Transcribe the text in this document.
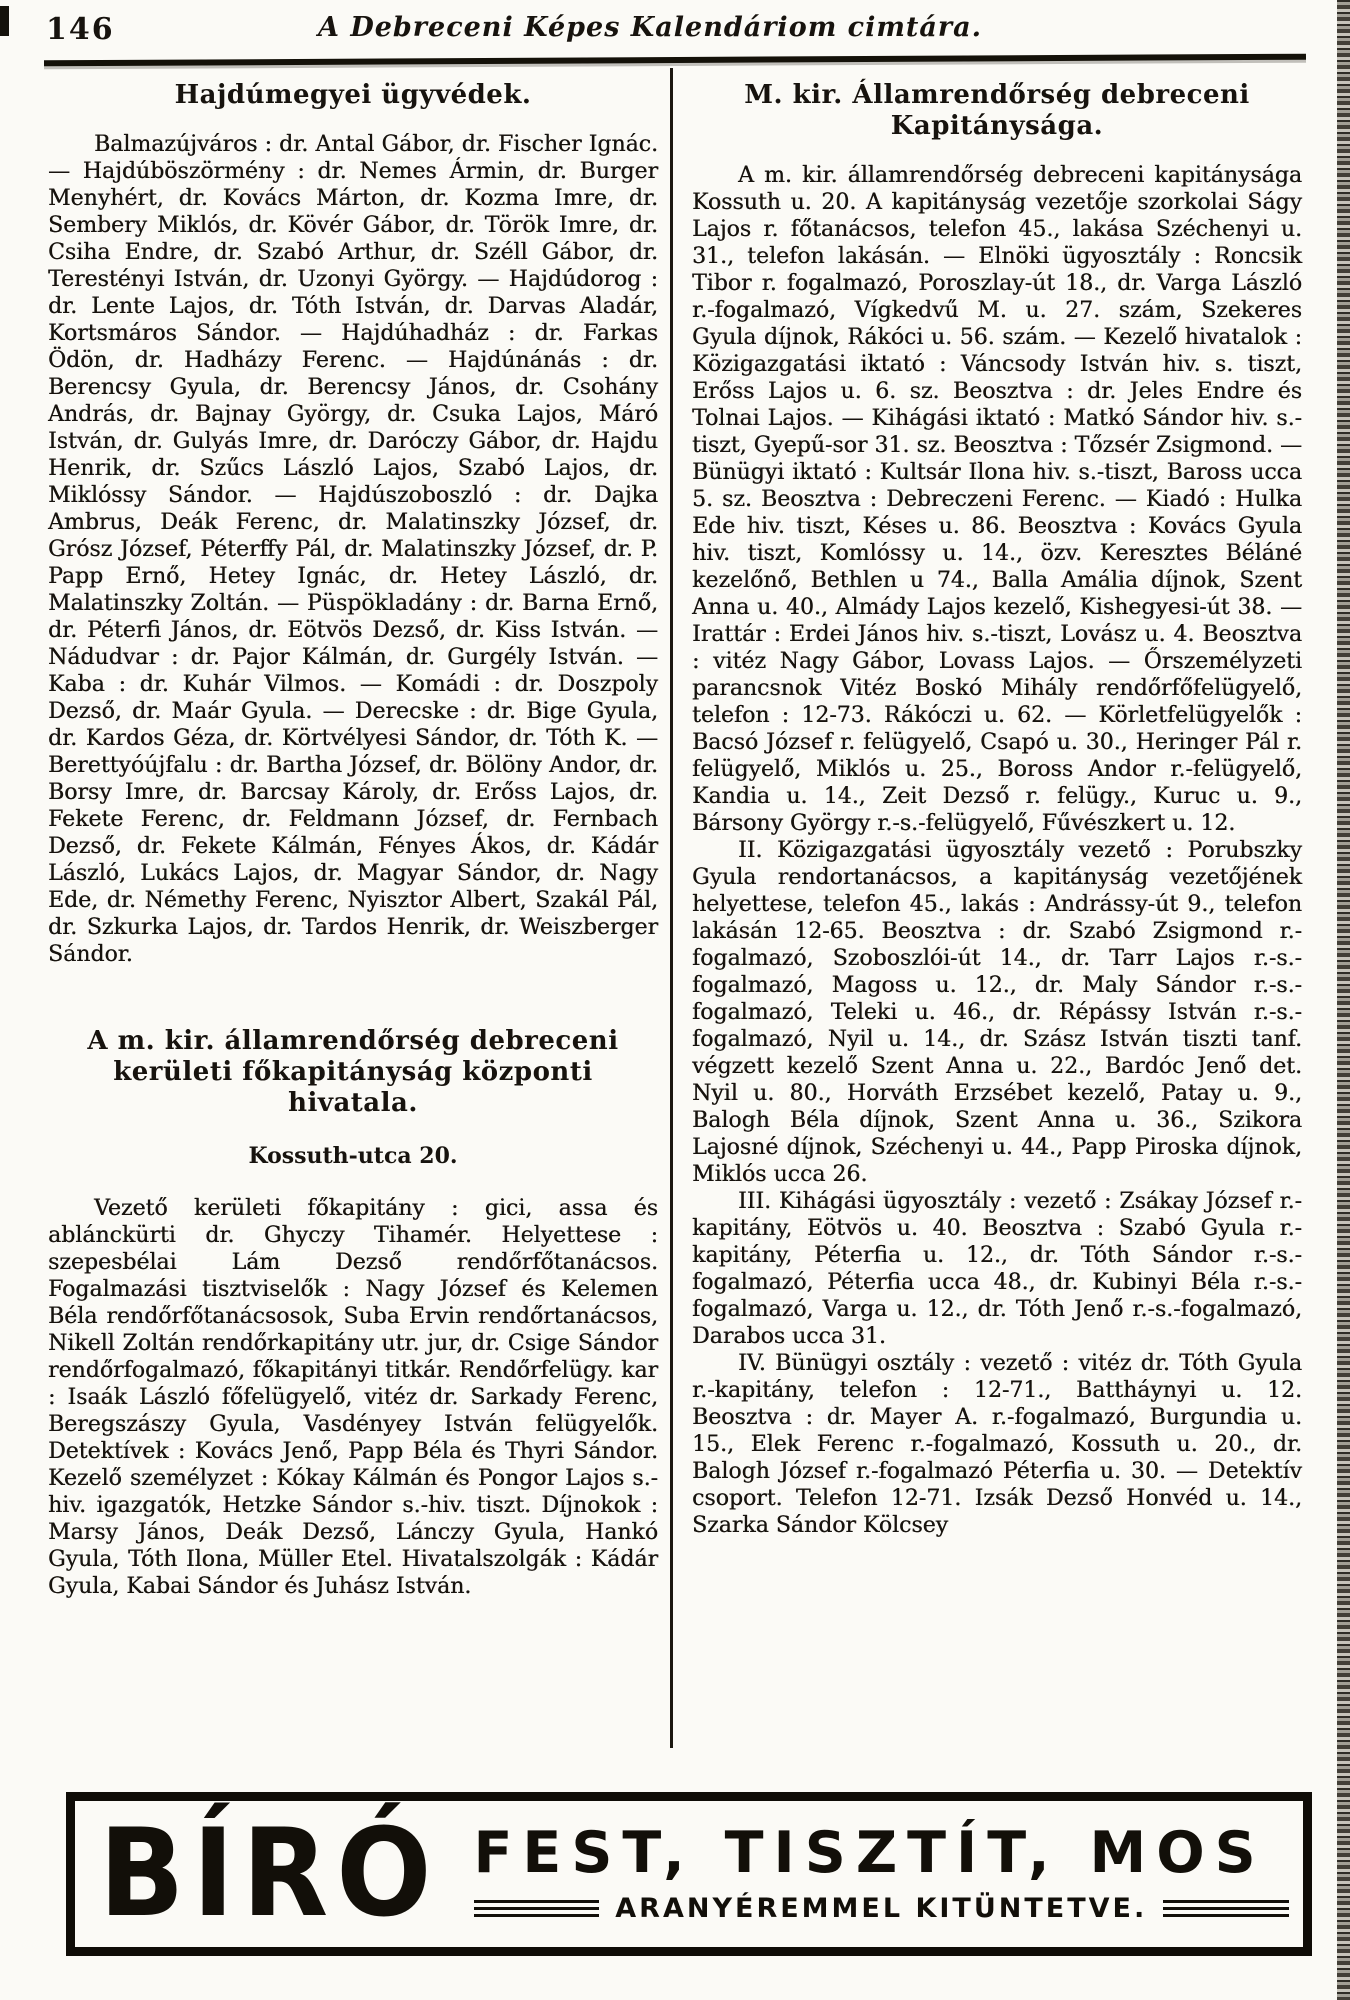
146	A Debreceni Képes Kalendáriom cimtára.
Hajdúmegyei ügyvédek.

Balmazújváros : dr. Antal Gábor, dr. Fischer Ignác. — Hajdúböszörmény : dr. Nemes Ármin, dr. Burger Menyhért, dr. Kovács Márton, dr. Kozma Imre, dr. Sembery Miklós, dr. Kövér Gábor, dr. Török Imre, dr. Csiha Endre, dr. Szabó Arthur, dr. Széll Gábor, dr. Terestényi István, dr. Uzonyi György. — Hajdúdorog : dr. Lente Lajos, dr. Tóth István, dr. Darvas Aladár, Kortsmáros Sándor. — Hajdúhadház : dr. Farkas Ödön, dr. Hadházy Ferenc. — Hajdúnánás : dr. Berencsy Gyula, dr. Berencsy János, dr. Csohány András, dr. Bajnay György, dr. Csuka Lajos, Máró István, dr. Gulyás Imre, dr. Daróczy Gábor, dr. Hajdu Henrik, dr. Szűcs László Lajos, Szabó Lajos, dr. Miklóssy Sándor. — Hajdúszoboszló : dr. Dajka Ambrus, Deák Ferenc, dr. Malatinszky József, dr. Grósz József, Péterffy Pál, dr. Malatinszky József, dr. P. Papp Ernő, Hetey Ignác, dr. Hetey László, dr. Malatinszky Zoltán. — Püspökladány : dr. Barna Ernő, dr. Péterfi János, dr. Eötvös Dezső, dr. Kiss István. — Nádudvar : dr. Pajor Kálmán, dr. Gurgély István. — Kaba : dr. Kuhár Vilmos. — Komádi : dr. Doszpoly Dezső, dr. Maár Gyula. — Derecske : dr. Bige Gyula, dr. Kardos Géza, dr. Körtvélyesi Sándor, dr. Tóth K. — Berettyóújfalu : dr. Bartha József, dr. Bölöny Andor, dr. Borsy Imre, dr. Barcsay Károly, dr. Erőss Lajos, dr. Fekete Ferenc, dr. Feldmann József, dr. Fernbach Dezső, dr. Fekete Kálmán, Fényes Ákos, dr. Kádár László, Lukács Lajos, dr. Magyar Sándor, dr. Nagy Ede, dr. Némethy Ferenc, Nyisztor Albert, Szakál Pál, dr. Szkurka Lajos, dr. Tardos Henrik, dr. Weiszberger Sándor.

A m. kir. államrendőrség debreceni kerületi főkapitányság központi hivatala.
Kossuth-utca 20.

Vezető kerületi főkapitány : gici, assa és ablánckürti dr. Ghyczy Tihamér. Helyettese : szepesbélai Lám Dezső rendőrfőtanácsos. Fogalmazási tisztviselők : Nagy József és Kelemen Béla rendőrfőtanácsosok, Suba Ervin rendőrtanácsos, Nikell Zoltán rendőrkapitány utr. jur, dr. Csige Sándor rendőrfogalmazó, főkapitányi titkár. Rendőrfelügy. kar : Isaák László főfelügyelő, vitéz dr. Sarkady Ferenc, Beregszászy Gyula, Vasdényey István felügyelők. Detektívek : Kovács Jenő, Papp Béla és Thyri Sándor. Kezelő személyzet : Kókay Kálmán és Pongor Lajos s.-hiv. igazgatók, Hetzke Sándor s.-hiv. tiszt. Díjnokok : Marsy János, Deák Dezső, Lánczy Gyula, Hankó Gyula, Tóth Ilona, Müller Etel. Hivatalszolgák : Kádár Gyula, Kabai Sándor és Juhász István.

M. kir. Államrendőrség debreceni Kapitánysága.

A m. kir. államrendőrség debreceni kapitánysága Kossuth u. 20. A kapitányság vezetője szorkolai Ságy Lajos r. főtanácsos, telefon 45., lakása Széchenyi u. 31., telefon lakásán. — Elnöki ügyosztály : Roncsik Tibor r. fogalmazó, Poroszlay-út 18., dr. Varga László r.-fogalmazó, Vígkedvű M. u. 27. szám, Szekeres Gyula díjnok, Rákóci u. 56. szám. — Kezelő hivatalok : Közigazgatási iktató : Váncsody István hiv. s. tiszt, Erőss Lajos u. 6. sz. Beosztva : dr. Jeles Endre és Tolnai Lajos. — Kihágási iktató : Matkó Sándor hiv. s.-tiszt, Gyepű-sor 31. sz. Beosztva : Tőzsér Zsigmond. — Bünügyi iktató : Kultsár Ilona hiv. s.-tiszt, Baross ucca 5. sz. Beosztva : Debreczeni Ferenc. — Kiadó : Hulka Ede hiv. tiszt, Késes u. 86. Beosztva : Kovács Gyula hiv. tiszt, Komlóssy u. 14., özv. Keresztes Béláné kezelőnő, Bethlen u 74., Balla Amália díjnok, Szent Anna u. 40., Almády Lajos kezelő, Kishegyesi-út 38. — Irattár : Erdei János hiv. s.-tiszt, Lovász u. 4. Beosztva : vitéz Nagy Gábor, Lovass Lajos. — Őrszemélyzeti parancsnok Vitéz Boskó Mihály rendőrfőfelügyelő, telefon : 12-73. Rákóczi u. 62. — Körletfelügyelők : Bacsó József r. felügyelő, Csapó u. 30., Heringer Pál r. felügyelő, Miklós u. 25., Boross Andor r.-felügyelő, Kandia u. 14., Zeit Dezső r. felügy., Kuruc u. 9., Bársony György r.-s.-felügyelő, Fűvészkert u. 12.

II. Közigazgatási ügyosztály vezető : Porubszky Gyula rendortanácsos, a kapitányság vezetőjének helyettese, telefon 45., lakás : Andrássy-út 9., telefon lakásán 12-65. Beosztva : dr. Szabó Zsigmond r.-fogalmazó, Szoboszlói-út 14., dr. Tarr Lajos r.-s.-fogalmazó, Magoss u. 12., dr. Maly Sándor r.-s.-fogalmazó, Teleki u. 46., dr. Répássy István r.-s.-fogalmazó, Nyil u. 14., dr. Szász István tiszti tanf. végzett kezelő Szent Anna u. 22., Bardóc Jenő det. Nyil u. 80., Horváth Erzsébet kezelő, Patay u. 9., Balogh Béla díjnok, Szent Anna u. 36., Szikora Lajosné díjnok, Széchenyi u. 44., Papp Piroska díjnok, Miklós ucca 26.

III. Kihágási ügyosztály : vezető : Zsákay József r.-kapitány, Eötvös u. 40. Beosztva : Szabó Gyula r.-kapitány, Péterfia u. 12., dr. Tóth Sándor r.-s.-fogalmazó, Péterfia ucca 48., dr. Kubinyi Béla r.-s.-fogalmazó, Varga u. 12., dr. Tóth Jenő r.-s.-fogalmazó, Darabos ucca 31.

IV. Bünügyi osztály : vezető : vitéz dr. Tóth Gyula r.-kapitány, telefon : 12-71., Battháynyi u. 12. Beosztva : dr. Mayer A. r.-fogalmazó, Burgundia u. 15., Elek Ferenc r.-fogalmazó, Kossuth u. 20., dr. Balogh József r.-fogalmazó Péterfia u. 30. — Detektív csoport. Telefon 12-71. Izsák Dezső Honvéd u. 14., Szarka Sándor Kölcsey

BÍRÓ FEST, TISZTÍT, MOS
ARANYÉREMMEL KITÜNTETVE.
